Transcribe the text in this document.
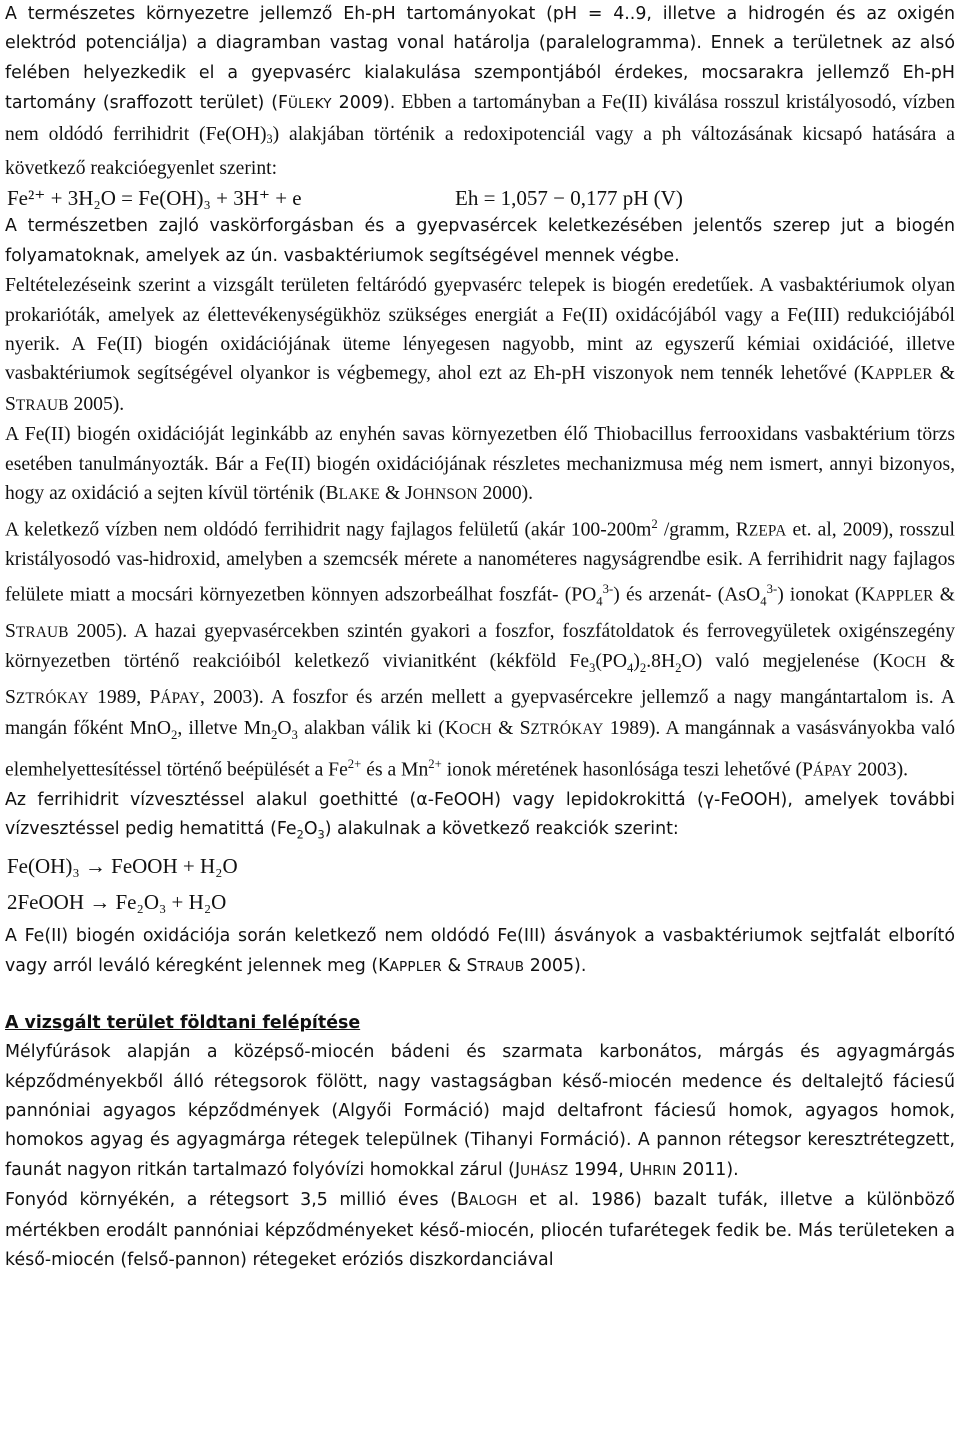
A természetes környezetre jellemző Eh-pH tartományokat (pH = 4..9, illetve a hidrogén és az oxigén elektród potenciálja) a diagramban vastag vonal határolja (paralelogramma). Ennek a területnek az alsó felében helyezkedik el a gyepvasérc kialakulása szempontjából érdekes, mocsarakra jellemző Eh-pH tartomány (sraffozott terület) (FÜLEKY 2009). Ebben a tartományban a Fe(II) kiválása rosszul kristályosodó, vízben nem oldódó ferrihidrit (Fe(OH)3) alakjában történik a redoxipotenciál vagy a ph változásának kicsapó hatására a következő reakcióegyenlet szerint:

Fe²⁺ + 3H₂O = Fe(OH)₃ + 3H⁺ + e	Eh = 1,057 − 0,177 pH (V)

A természetben zajló vaskörforgásban és a gyepvasércek keletkezésében jelentős szerep jut a biogén folyamatoknak, amelyek az ún. vasbaktériumok segítségével mennek végbe.

Feltételezéseink szerint a vizsgált területen feltáródó gyepvasérc telepek is biogén eredetűek. A vasbaktériumok olyan prokarióták, amelyek az élettevékenységükhöz szükséges energiát a Fe(II) oxidácójából vagy a Fe(III) redukciójából nyerik. A Fe(II) biogén oxidációjának üteme lényegesen nagyobb, mint az egyszerű kémiai oxidációé, illetve vasbaktériumok segítségével olyankor is végbemegy, ahol ezt az Eh-pH viszonyok nem tennék lehetővé (KAPPLER & STRAUB 2005).

A Fe(II) biogén oxidációját leginkább az enyhén savas környezetben élő Thiobacillus ferrooxidans vasbaktérium törzs esetében tanulmányozták. Bár a Fe(II) biogén oxidációjának részletes mechanizmusa még nem ismert, annyi bizonyos, hogy az oxidáció a sejten kívül történik (BLAKE & JOHNSON 2000).

A keletkező vízben nem oldódó ferrihidrit nagy fajlagos felületű (akár $100-200m^2$ /gramm, RZEPA et. al, 2009), rosszul kristályosodó vas-hidroxid, amelyben a szemcsék mérete a nanométeres nagyságrendbe esik. A ferrihidrit nagy fajlagos felülete miatt a mocsári környezetben könnyen adszorbeálhat foszfát- $(PO_4^{3-})$ és arzenát- (AsO$_4^{3-}$) ionokat (KAPPLER & STRAUB 2005). A hazai gyepvasércekben szintén gyakori a foszfor, foszfátoldatok és ferrovegyületek oxigénszegény környezetben történő reakcióiból keletkező vivianitként (kékföld $Fe_3(PO_4)_2.8H_2O$) való megjelenése (KOCH & SZTRÓKAY 1989, PÁPAY, 2003). A foszfor és arzén mellett a gyepvasércekre jellemző a nagy mangántartalom is. A mangán főként MnO$_2$, illetve $Mn_2O_3$ alakban válik ki (KOCH & SZTRÓKAY 1989). A mangánnak a vasásványokba való elemhelyettesítéssel történő beépülését a $Fe^{2+}$ és a $Mn^{2+}$ ionok méretének hasonlósága teszi lehetővé (PÁPAY 2003).

Az ferrihidrit vízvesztéssel alakul goethitté (α-FeOOH) vagy lepidokrokittá (γ-FeOOH), amelyek további vízvesztéssel pedig hematittá $(Fe_2O_3)$ alakulnak a következő reakciók szerint:

Fe(OH)₃ → FeOOH + H₂O
2FeOOH → Fe₂O₃ + H₂O

A Fe(II) biogén oxidációja során keletkező nem oldódó Fe(III) ásványok a vasbaktériumok sejtfalát elborító vagy arról leváló kéregként jelennek meg (KAPPLER & STRAUB 2005).

A vizsgált terület földtani felépítése

Mélyfúrások alapján a középső-miocén bádeni és szarmata karbonátos, márgás és agyagmárgás képződményekből álló rétegsorok fölött, nagy vastagságban késő-miocén medence és deltalejtő fáciesű pannóniai agyagos képződmények (Algyői Formáció) majd deltafront fáciesű homok, agyagos homok, homokos agyag és agyagmárga rétegek települnek (Tihanyi Formáció). A pannon rétegsor keresztrétegzett, faunát nagyon ritkán tartalmazó folyóvízi homokkal zárul (JUHÁSZ 1994, UHRIN 2011).

Fonyód környékén, a rétegsort 3,5 millió éves (BALOGH et al. 1986) bazalt tufák, illetve a különböző mértékben erodált pannóniai képződményeket késő-miocén, pliocén tufarétegek fedik be. Más területeken a késő-miocén (felső-pannon) rétegeket eróziós diszkordanciával
